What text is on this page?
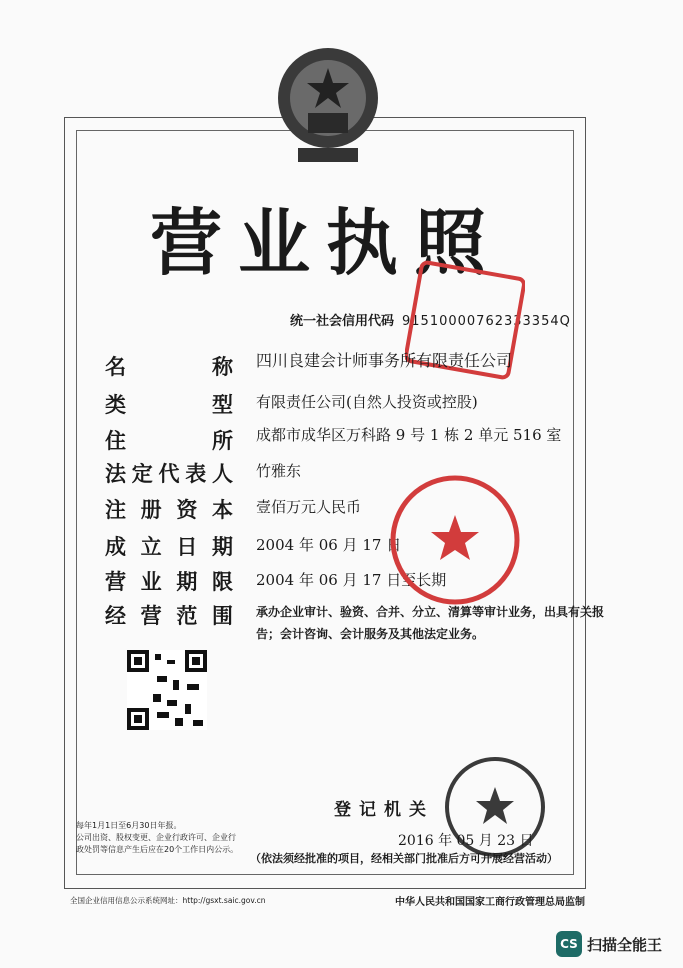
营业执照
统一社会信用代码 91510000762333354Q
名	称 四川良建会计师事务所有限责任公司
类	型 有限责任公司(自然人投资或控股)
住	所 成都市成华区万科路 9 号 1 栋 2 单元 516 室
法 定 代 表 人 竹雅东
注 册 资 本 壹佰万元人民币
成 立 日 期 2004 年 06 月 17 日
营 业 期 限 2004 年 06 月 17 日至长期
经 营 范 围 承办企业审计、验资、合并、分立、清算等审计业务，出具有关报
告；会计咨询、会计服务及其他法定业务。
每年1月1日至6月30日年报。
公司出资、股权变更、企业行政许可、企业行
政处罚等信息产生后应在20个工作日内公示。
登记机关
2016 年 05 月 23 日
（依法须经批准的项目，经相关部门批准后方可开展经营活动）
全国企业信用信息公示系统网址：http://gsxt.saic.gov.cn	中华人民共和国国家工商行政管理总局监制
CS 扫描全能王
